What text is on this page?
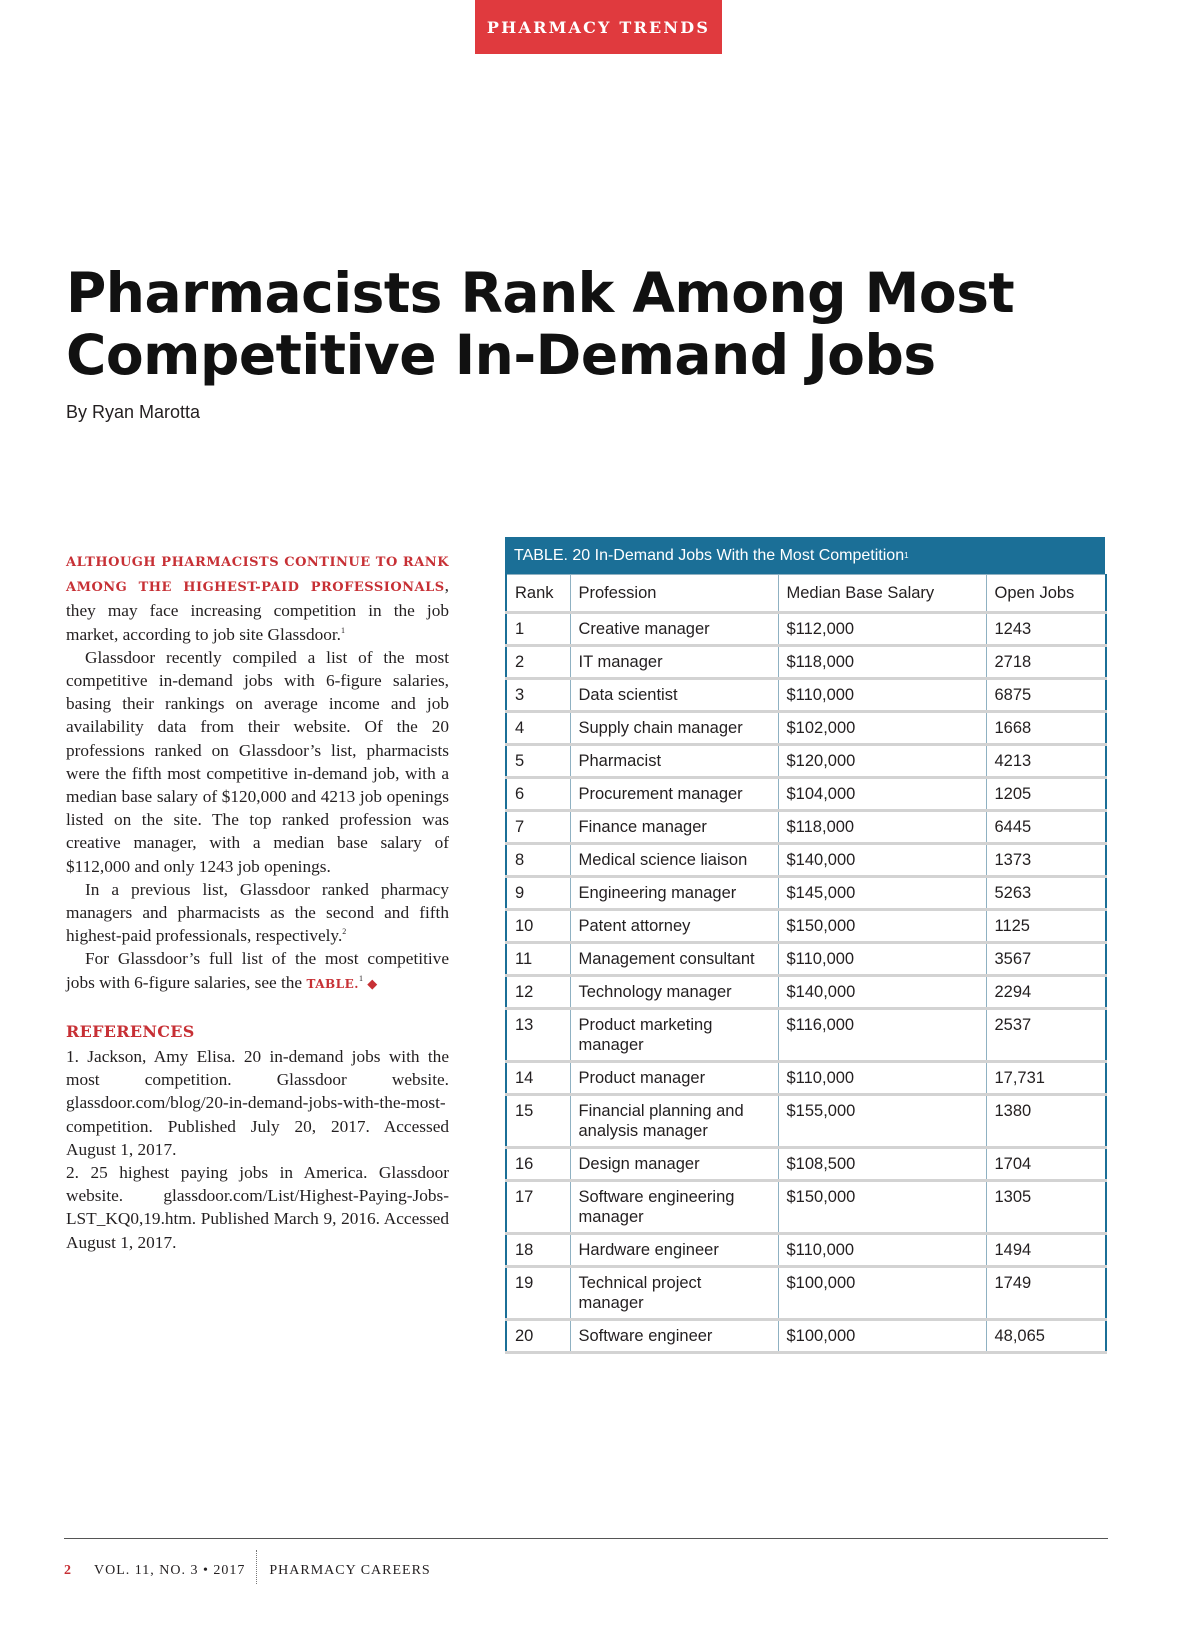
PHARMACY TRENDS
Pharmacists Rank Among Most
Competitive In-Demand Jobs
By Ryan Marotta

ALTHOUGH PHARMACISTS CONTINUE TO RANK AMONG THE HIGHEST-PAID PROFESSIONALS, they may face increasing competition in the job market, according to job site Glassdoor.$^1$

Glassdoor recently compiled a list of the most competitive in-demand jobs with 6-figure salaries, basing their rankings on average income and job availability data from their website. Of the 20 professions ranked on Glassdoor’s list, pharmacists were the fifth most competitive in-demand job, with a median base salary of $120,000 and 4213 job openings listed on the site. The top ranked profession was creative manager, with a median base salary of $112,000 and only 1243 job openings.

In a previous list, Glassdoor ranked pharmacy managers and pharmacists as the second and fifth highest-paid professionals, respectively.$^2$

For Glassdoor’s full list of the most competitive jobs with 6-figure salaries, see the TABLE.$^1$ ◆

REFERENCES

1. Jackson, Amy Elisa. 20 in-demand jobs with the most competition. Glassdoor website. glassdoor.com/blog/20-in-demand-jobs-with-the-most-competition. Published July 20, 2017. Accessed August 1, 2017.

2. 25 highest paying jobs in America. Glassdoor website. glassdoor.com/List/Highest-Paying-Jobs-LST_KQ0,19.htm. Published March 9, 2016. Accessed August 1, 2017.

TABLE. 20 In-Demand Jobs With the Most Competition 1
Rank	Profession	Median Base Salary	Open Jobs
1	Creative manager	$112,000	1243
2	IT manager	$118,000	2718
3	Data scientist	$110,000	6875
4	Supply chain manager	$102,000	1668
5	Pharmacist	$120,000	4213
6	Procurement manager	$104,000	1205
7	Finance manager	$118,000	6445
8	Medical science liaison	$140,000	1373
9	Engineering manager	$145,000	5263
10	Patent attorney	$150,000	1125
11	Management consultant	$110,000	3567
12	Technology manager	$140,000	2294
13	Product marketing manager	$116,000	2537
14	Product manager	$110,000	17,731
15	Financial planning and analysis manager	$155,000	1380
16	Design manager	$108,500	1704
17	Software engineering manager	$150,000	1305
18	Hardware engineer	$110,000	1494
19	Technical project manager	$100,000	1749
20	Software engineer	$100,000	48,065
2 VOL. 11, NO. 3 • 2017 PHARMACY CAREERS
